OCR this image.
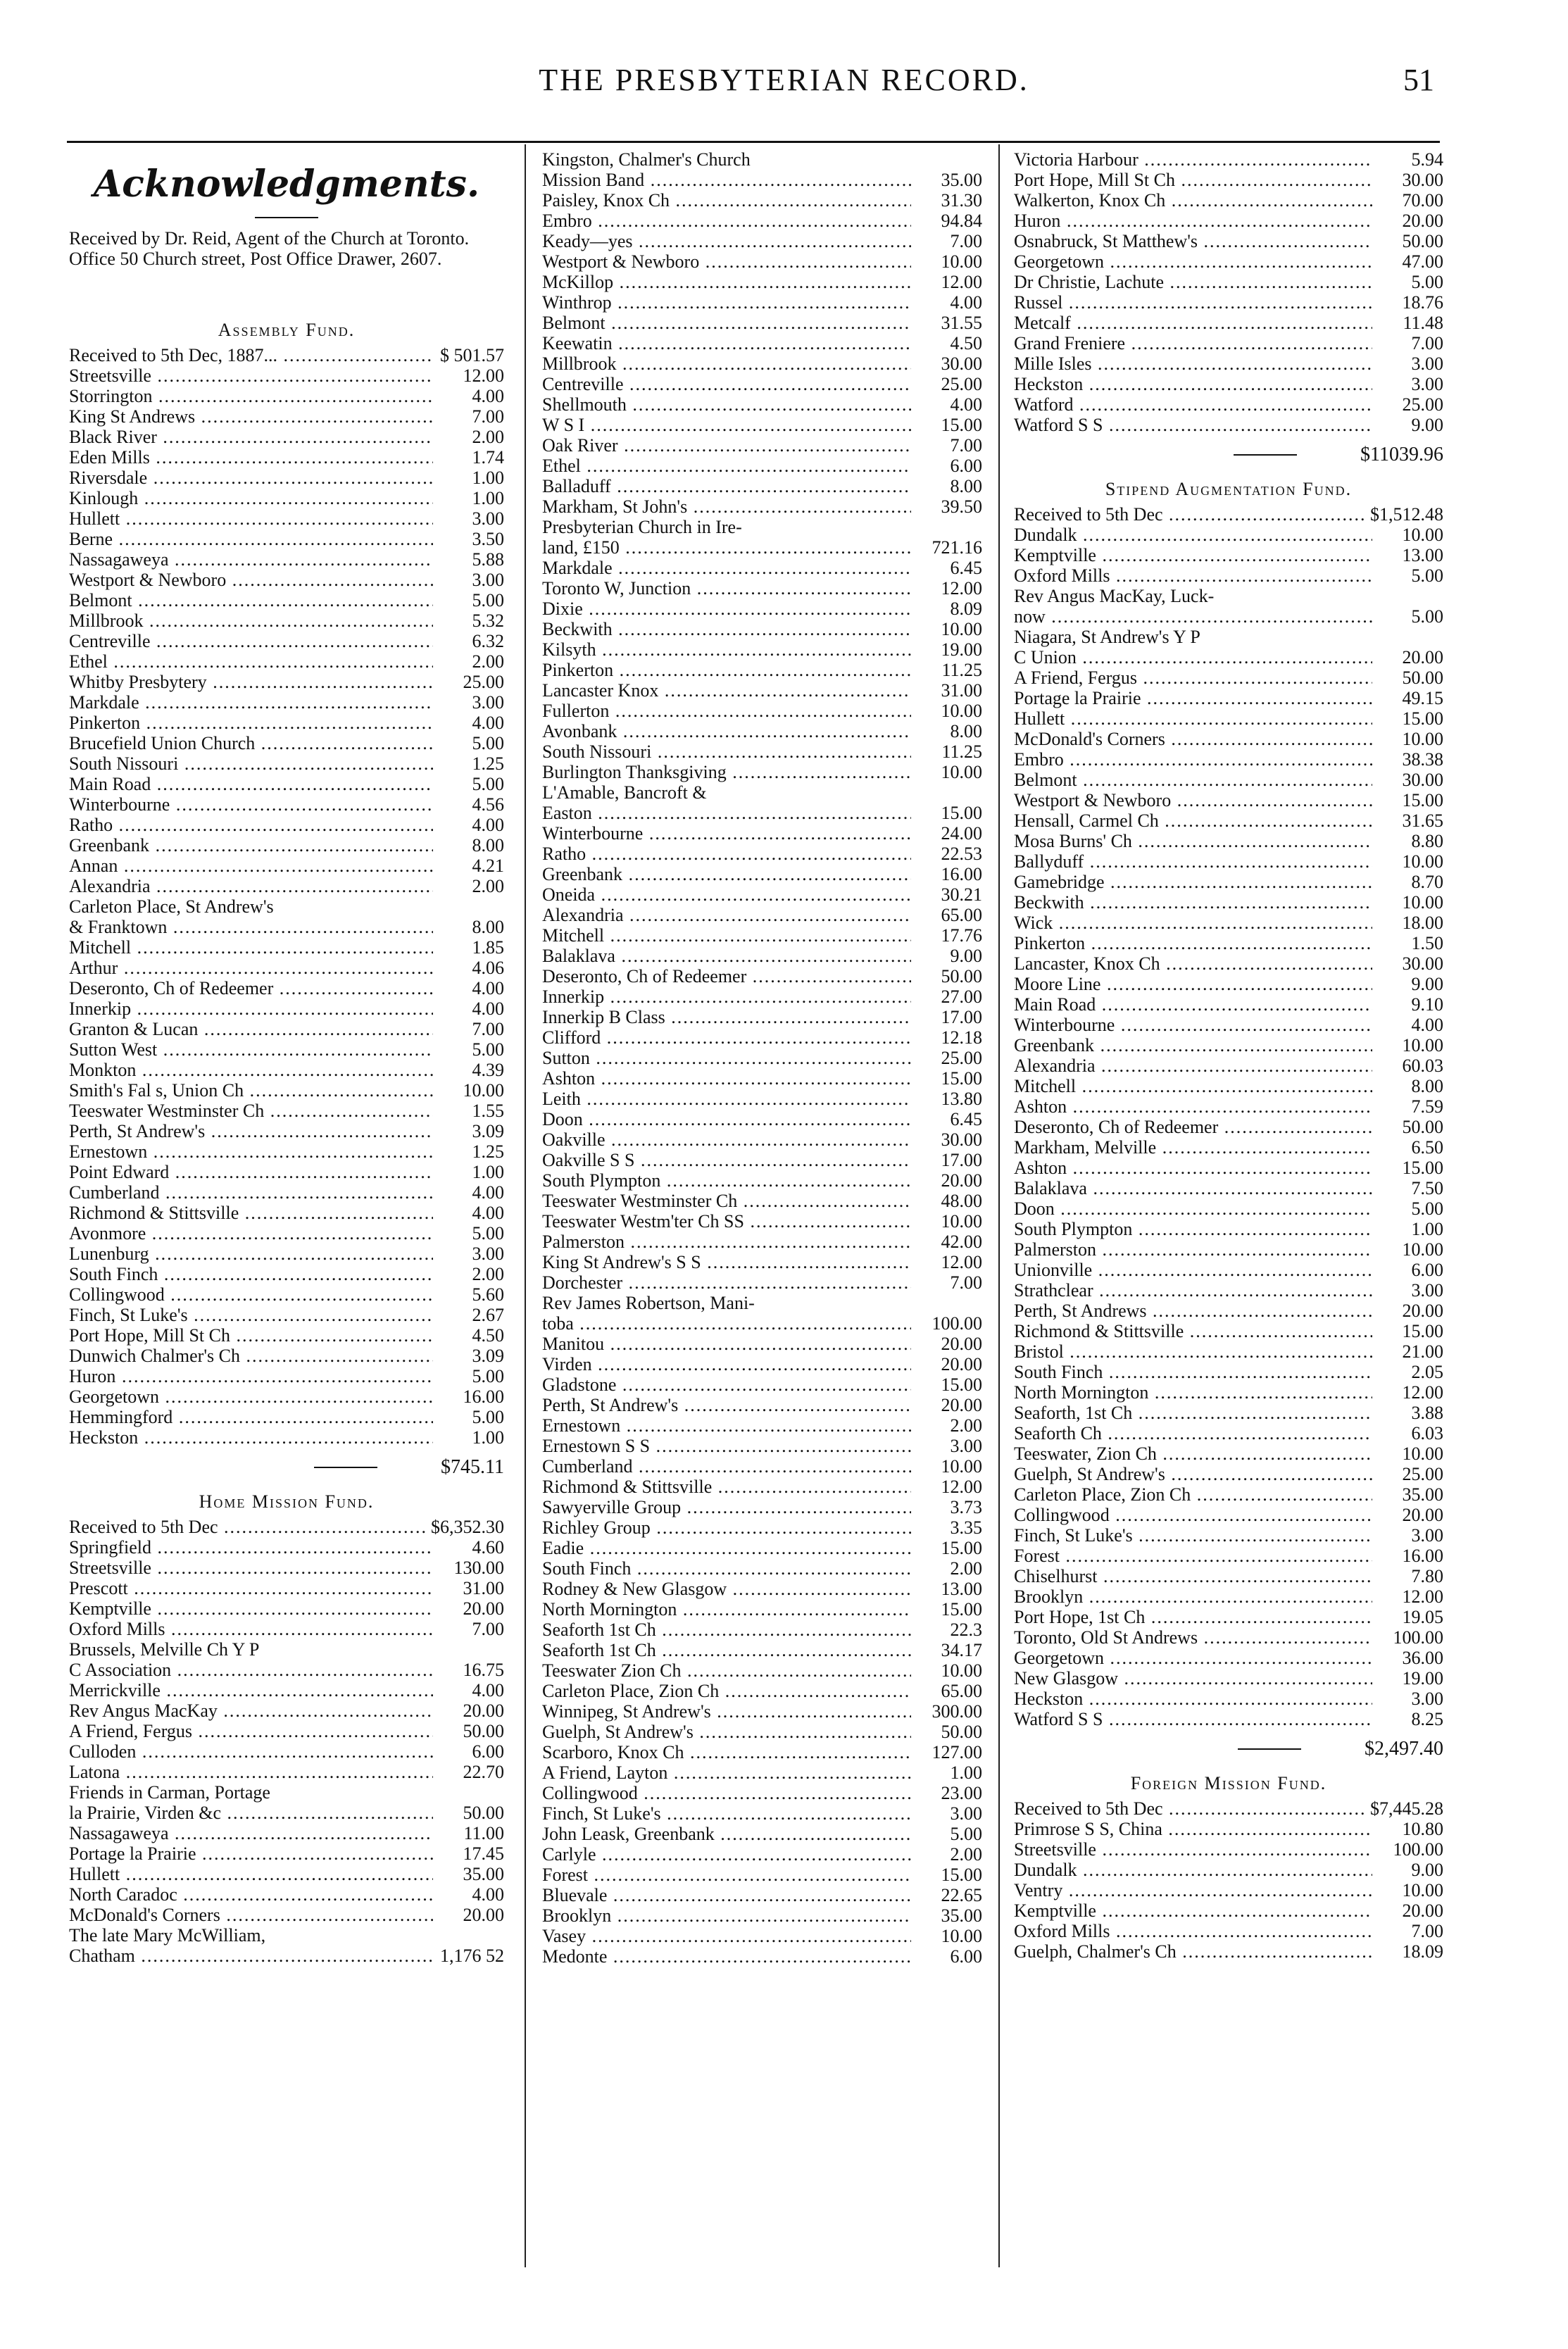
THE PRESBYTERIAN RECORD.	51
Acknowledgments.
Received by Dr. Reid, Agent of the Church at Toronto. Office 50 Church street, Post Office Drawer, 2607.
Assembly Fund.
Received to 5th Dec, 1887... .....	$ 501.57
Streetsville .....	12.00
Storrington .....	4.00
King St Andrews .....	7.00
Black River .....	2.00
Eden Mills .....	1.74
Riversdale .....	1.00
Kinlough .....	1.00
Hullett .....	3.00
Berne .....	3.50
Nassagaweya .....	5.88
Westport & Newboro .....	3.00
Belmont .....	5.00
Millbrook .....	5.32
Centreville .....	6.32
Ethel .....	2.00
Whitby Presbytery .....	25.00
Markdale .....	3.00
Pinkerton .....	4.00
Brucefield Union Church .....	5.00
South Nissouri .....	1.25
Main Road .....	5.00
Winterbourne .....	4.56
Ratho .....	4.00
Greenbank .....	8.00
Annan .....	4.21
Alexandria .....	2.00
Carleton Place, St Andrew's
& Franktown .....	8.00
Mitchell .....	1.85
Arthur .....	4.06
Deseronto, Ch of Redeemer .....	4.00
Innerkip .....	4.00
Granton & Lucan .....	7.00
Sutton West .....	5.00
Monkton .....	4.39
Smith's Fal s, Union Ch .....	10.00
Teeswater Westminster Ch .....	1.55
Perth, St Andrew's .....	3.09
Ernestown .....	1.25
Point Edward .....	1.00
Cumberland .....	4.00
Richmond & Stittsville .....	4.00
Avonmore .....	5.00
Lunenburg .....	3.00
South Finch .....	2.00
Collingwood .....	5.60
Finch, St Luke's .....	2.67
Port Hope, Mill St Ch .....	4.50
Dunwich Chalmer's Ch .....	3.09
Huron .....	5.00
Georgetown .....	16.00
Hemmingford .....	5.00
Heckston .....	1.00
$745.11
Home Mission Fund.
Received to 5th Dec .....	$6,352.30
Springfield .....	4.60
Streetsville .....	130.00
Prescott .....	31.00
Kemptville .....	20.00
Oxford Mills .....	7.00
Brussels, Melville Ch Y P
C Association .....	16.75
Merrickville .....	4.00
Rev Angus MacKay .....	20.00
A Friend, Fergus .....	50.00
Culloden .....	6.00
Latona .....	22.70
Friends in Carman, Portage
la Prairie, Virden &c .....	50.00
Nassagaweya .....	11.00
Portage la Prairie .....	17.45
Hullett .....	35.00
North Caradoc .....	4.00
McDonald's Corners .....	20.00
The late Mary McWilliam,
Chatham .....	1,176 52
Kingston, Chalmer's Church
Mission Band .....	35.00
Paisley, Knox Ch .....	31.30
Embro .....	94.84
Keady—yes .....	7.00
Westport & Newboro .....	10.00
McKillop .....	12.00
Winthrop .....	4.00
Belmont .....	31.55
Keewatin .....	4.50
Millbrook .....	30.00
Centreville .....	25.00
Shellmouth .....	4.00
W S I .....	15.00
Oak River .....	7.00
Ethel .....	6.00
Balladuff .....	8.00
Markham, St John's .....	39.50
Presbyterian Church in Ire-
land, £150 .....	721.16
Markdale .....	6.45
Toronto W, Junction .....	12.00
Dixie .....	8.09
Beckwith .....	10.00
Kilsyth .....	19.00
Pinkerton .....	11.25
Lancaster Knox .....	31.00
Fullerton .....	10.00
Avonbank .....	8.00
South Nissouri .....	11.25
Burlington Thanksgiving .....	10.00
L'Amable, Bancroft &
Easton .....	15.00
Winterbourne .....	24.00
Ratho .....	22.53
Greenbank .....	16.00
Oneida .....	30.21
Alexandria .....	65.00
Mitchell .....	17.76
Balaklava .....	9.00
Deseronto, Ch of Redeemer .....	50.00
Innerkip .....	27.00
Innerkip B Class .....	17.00
Clifford .....	12.18
Sutton .....	25.00
Ashton .....	15.00
Leith .....	13.80
Doon .....	6.45
Oakville .....	30.00
Oakville S S .....	17.00
South Plympton .....	20.00
Teeswater Westminster Ch .....	48.00
Teeswater Westm'ter Ch SS .....	10.00
Palmerston .....	42.00
King St Andrew's S S .....	12.00
Dorchester .....	7.00
Rev James Robertson, Mani-
toba .....	100.00
Manitou .....	20.00
Virden .....	20.00
Gladstone .....	15.00
Perth, St Andrew's .....	20.00
Ernestown .....	2.00
Ernestown S S .....	3.00
Cumberland .....	10.00
Richmond & Stittsville .....	12.00
Sawyerville Group .....	3.73
Richley Group .....	3.35
Eadie .....	15.00
South Finch .....	2.00
Rodney & New Glasgow .....	13.00
North Mornington .....	15.00
Seaforth 1st Ch .....	22.3
Seaforth 1st Ch .....	34.17
Teeswater Zion Ch .....	10.00
Carleton Place, Zion Ch .....	65.00
Winnipeg, St Andrew's .....	300.00
Guelph, St Andrew's .....	50.00
Scarboro, Knox Ch .....	127.00
A Friend, Layton .....	1.00
Collingwood .....	23.00
Finch, St Luke's .....	3.00
John Leask, Greenbank .....	5.00
Carlyle .....	2.00
Forest .....	15.00
Bluevale .....	22.65
Brooklyn .....	35.00
Vasey .....	10.00
Medonte .....	6.00
Victoria Harbour .....	5.94
Port Hope, Mill St Ch .....	30.00
Walkerton, Knox Ch .....	70.00
Huron .....	20.00
Osnabruck, St Matthew's .....	50.00
Georgetown .....	47.00
Dr Christie, Lachute .....	5.00
Russel .....	18.76
Metcalf .....	11.48
Grand Freniere .....	7.00
Mille Isles .....	3.00
Heckston .....	3.00
Watford .....	25.00
Watford S S .....	9.00
$11039.96
Stipend Augmentation Fund.
Received to 5th Dec .....	$1,512.48
Dundalk .....	10.00
Kemptville .....	13.00
Oxford Mills .....	5.00
Rev Angus MacKay, Luck-
now .....	5.00
Niagara, St Andrew's Y P
C Union .....	20.00
A Friend, Fergus .....	50.00
Portage la Prairie .....	49.15
Hullett .....	15.00
McDonald's Corners .....	10.00
Embro .....	38.38
Belmont .....	30.00
Westport & Newboro .....	15.00
Hensall, Carmel Ch .....	31.65
Mosa Burns' Ch .....	8.80
Ballyduff .....	10.00
Gamebridge .....	8.70
Beckwith .....	10.00
Wick .....	18.00
Pinkerton .....	1.50
Lancaster, Knox Ch .....	30.00
Moore Line .....	9.00
Main Road .....	9.10
Winterbourne .....	4.00
Greenbank .....	10.00
Alexandria .....	60.03
Mitchell .....	8.00
Ashton .....	7.59
Deseronto, Ch of Redeemer .....	50.00
Markham, Melville .....	6.50
Ashton .....	15.00
Balaklava .....	7.50
Doon .....	5.00
South Plympton .....	1.00
Palmerston .....	10.00
Unionville .....	6.00
Strathclear .....	3.00
Perth, St Andrews .....	20.00
Richmond & Stittsville .....	15.00
Bristol .....	21.00
South Finch .....	2.05
North Mornington .....	12.00
Seaforth, 1st Ch .....	3.88
Seaforth Ch .....	6.03
Teeswater, Zion Ch .....	10.00
Guelph, St Andrew's .....	25.00
Carleton Place, Zion Ch .....	35.00
Collingwood .....	20.00
Finch, St Luke's .....	3.00
Forest .....	16.00
Chiselhurst .....	7.80
Brooklyn .....	12.00
Port Hope, 1st Ch .....	19.05
Toronto, Old St Andrews .....	100.00
Georgetown .....	36.00
New Glasgow .....	19.00
Heckston .....	3.00
Watford S S .....	8.25
$2,497.40
Foreign Mission Fund.
Received to 5th Dec .....	$7,445.28
Primrose S S, China .....	10.80
Streetsville .....	100.00
Dundalk .....	9.00
Ventry .....	10.00
Kemptville .....	20.00
Oxford Mills .....	7.00
Guelph, Chalmer's Ch .....	18.09
